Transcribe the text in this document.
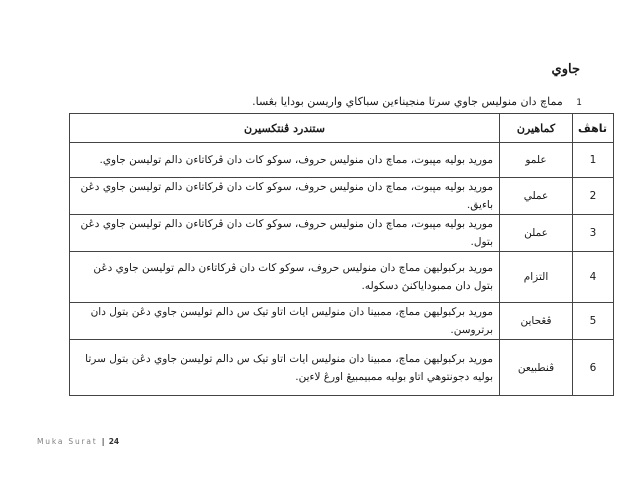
جاوي
1 مماچ دان منوليس جاوي سرتا منجيناءين سباکاي واريسن بودايا بڠسا.
تاهڤ	کماهيرن	ستندرد ڤنتکسيرن
1	علمو	موريد بوليه مڽبوت، مماچ دان منوليس حروف، سوکو کات دان ڤرکاتاءن دالم توليسن جاوي.
2	عملي	موريد بوليه مڽبوت، مماچ دان منوليس حروف، سوکو کات دان ڤرکاتاءن دالم توليسن جاوي دڠن باءيق.
3	عملن	موريد بوليه مڽبوت، مماچ دان منوليس حروف، سوکو کات دان ڤرکاتاءن دالم توليسن جاوي دڠن بتول.
4	التزام	موريد برکبوليهن مماچ دان منوليس حروف، سوکو کات دان ڤرکاتاءن دالم توليسن جاوي دڠن بتول دان ممبوداياکنڽ دسکوله.
5	ڤڠحاين	موريد برکبوليهن مماچ، ممبينا دان منوليس ايات اتاو تيک س دالم توليسن جاوي دڠن بتول دان برتروسن.
6	ڤنطبيعن	موريد برکبوليهن مماچ، ممبينا دان منوليس ايات اتاو تيک س دالم توليسن جاوي دڠن بتول سرتا بوليه دجونتوهي اتاو بوليه ممبيمبيڠ اورڠ لاءين.
Muka Surat | 24
